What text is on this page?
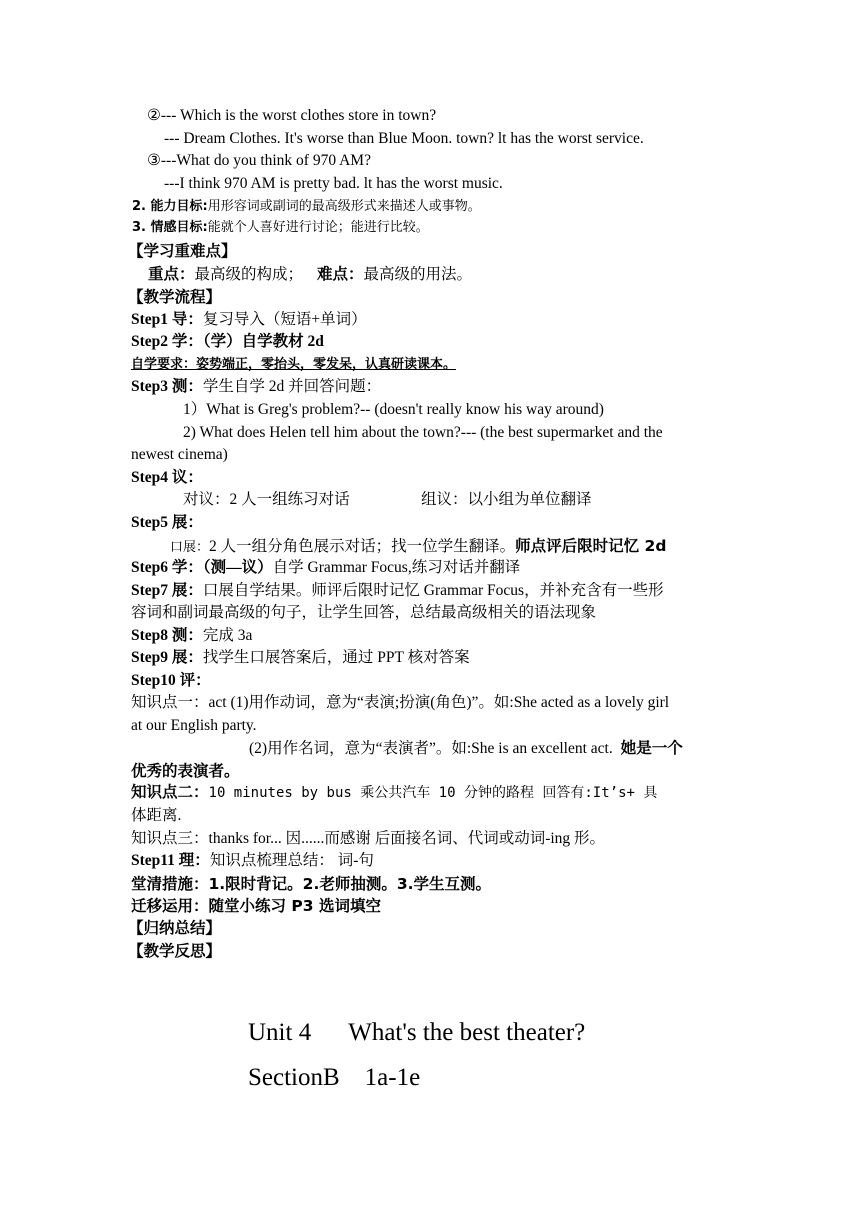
②--- Which is the worst clothes store in town?
--- Dream Clothes. It's worse than Blue Moon. town? lt has the worst service.
③---What do you think of 970 AM?
---I think 970 AM is pretty bad. lt has the worst music.
2. 能力目标:用形容词或副词的最高级形式来描述人或事物。
3. 情感目标:能就个人喜好进行讨论；能进行比较。
【学习重难点】
重点：最高级的构成； 难点：最高级的用法。
【教学流程】
Step1 导：复习导入（短语+单词）
Step2 学：（学）自学教材 2d
自学要求：姿势端正，零抬头，零发呆，认真研读课本。
Step3 测：学生自学 2d 并回答问题：
1）What is Greg's problem?-- (doesn't really know his way around)
2) What does Helen tell him about the town?--- (the best supermarket and the
newest cinema)
Step4 议：
对议：2 人一组练习对话	组议：以小组为单位翻译
Step5 展：
口展：2 人一组分角色展示对话；找一位学生翻译。师点评后限时记忆 2d
Step6 学：（测—议）自学 Grammar Focus,练习对话并翻译
Step7 展：口展自学结果。师评后限时记忆 Grammar Focus，并补充含有一些形
容词和副词最高级的句子，让学生回答，总结最高级相关的语法现象
Step8 测：完成 3a
Step9 展：找学生口展答案后，通过 PPT 核对答案
Step10 评：
知识点一：act (1)用作动词，意为“表演;扮演(角色)”。如:She acted as a lovely girl
at our English party.
(2)用作名词，意为“表演者”。如:She is an excellent act. 她是一个
优秀的表演者。
知识点二：10 minutes by bus 乘公共汽车 10 分钟的路程 回答有:It’s+ 具
体距离.
知识点三：thanks for... 因......而感谢 后面接名词、代词或动词-ing 形。
Step11 理：知识点梳理总结： 词-句
堂清措施：1.限时背记。2.老师抽测。3.学生互测。
迁移运用：随堂小练习 P3 选词填空
【归纳总结】
【教学反思】
Unit 4      What's the best theater?
SectionB    1a-1e
